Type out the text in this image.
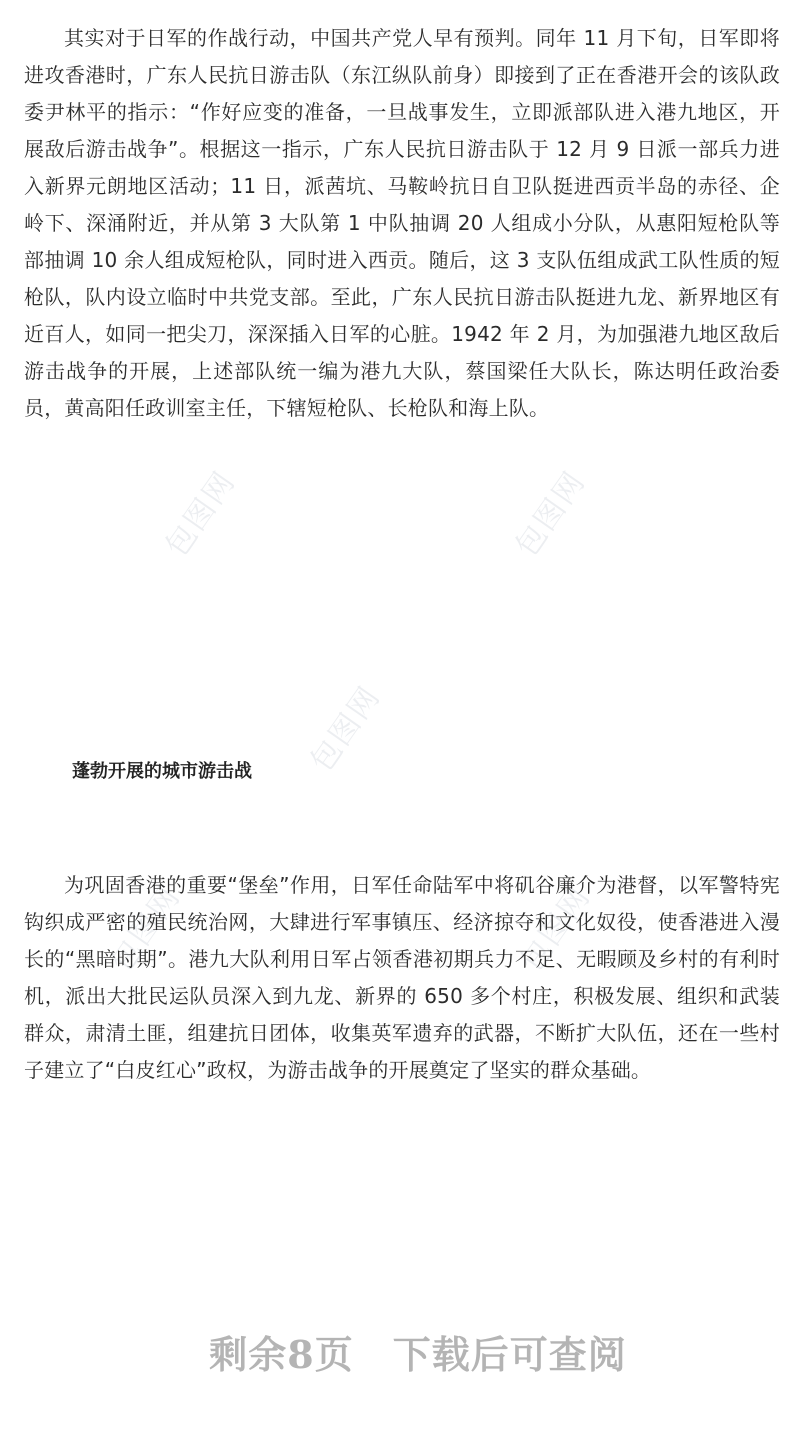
包图网	包图网
包图网
包图网	包图网

其实对于日军的作战行动，中国共产党人早有预判。同年 11 月下旬，日军即将进攻香港时，广东人民抗日游击队（东江纵队前身）即接到了正在香港开会的该队政委尹林平的指示：“作好应变的准备，一旦战事发生，立即派部队进入港九地区，开展敌后游击战争”。根据这一指示，广东人民抗日游击队于 12 月 9 日派一部兵力进入新界元朗地区活动；11 日，派茜坑、马鞍岭抗日自卫队挺进西贡半岛的赤径、企岭下、深涌附近，并从第 3 大队第 1 中队抽调 20 人组成小分队，从惠阳短枪队等部抽调 10 余人组成短枪队，同时进入西贡。随后，这 3 支队伍组成武工队性质的短枪队，队内设立临时中共党支部。至此，广东人民抗日游击队挺进九龙、新界地区有近百人，如同一把尖刀，深深插入日军的心脏。1942 年 2 月，为加强港九地区敌后游击战争的开展，上述部队统一编为港九大队，蔡国梁任大队长，陈达明任政治委员，黄高阳任政训室主任，下辖短枪队、长枪队和海上队。

蓬勃开展的城市游击战

为巩固香港的重要“堡垒”作用，日军任命陆军中将矶谷廉介为港督，以军警特宪钩织成严密的殖民统治网，大肆进行军事镇压、经济掠夺和文化奴役，使香港进入漫长的“黑暗时期”。港九大队利用日军占领香港初期兵力不足、无暇顾及乡村的有利时机，派出大批民运队员深入到九龙、新界的 650 多个村庄，积极发展、组织和武装群众，肃清土匪，组建抗日团体，收集英军遗弃的武器，不断扩大队伍，还在一些村子建立了“白皮红心”政权，为游击战争的开展奠定了坚实的群众基础。

剩余8页　下载后可查阅
